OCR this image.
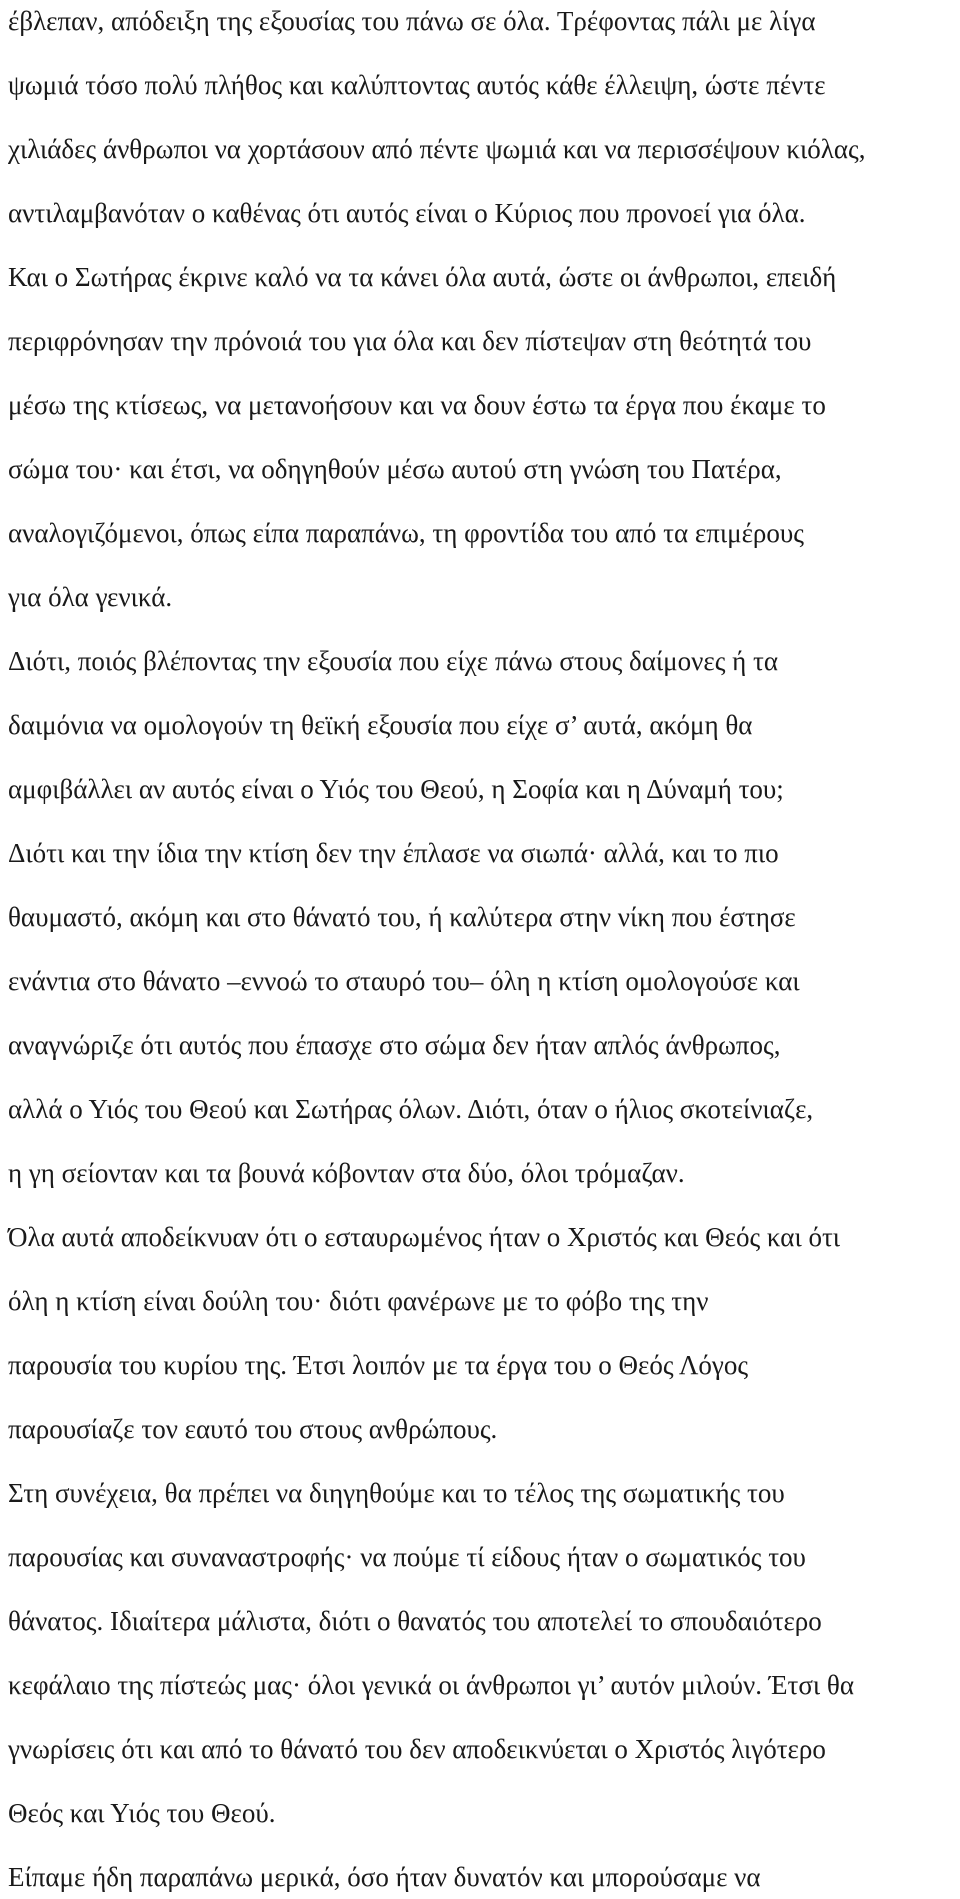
έβλεπαν, απόδειξη της εξουσίας του πάνω σε όλα. Τρέφοντας πάλι με λίγα
ψωμιά τόσο πολύ πλήθος και καλύπτοντας αυτός κάθε έλλειψη, ώστε πέντε
χιλιάδες άνθρωποι να χορτάσουν από πέντε ψωμιά και να περισσέψουν κιόλας,
αντιλαμβανόταν ο καθένας ότι αυτός είναι ο Κύριος που προνοεί για όλα.
Και ο Σωτήρας έκρινε καλό να τα κάνει όλα αυτά, ώστε οι άνθρωποι, επειδή
περιφρόνησαν την πρόνοιά του για όλα και δεν πίστεψαν στη θεότητά του
μέσω της κτίσεως, να μετανοήσουν και να δουν έστω τα έργα που έκαμε το
σώμα του· και έτσι, να οδηγηθούν μέσω αυτού στη γνώση του Πατέρα,
αναλογιζόμενοι, όπως είπα παραπάνω, τη φροντίδα του από τα επιμέρους
για όλα γενικά.
Διότι, ποιός βλέποντας την εξουσία που είχε πάνω στους δαίμονες ή τα
δαιμόνια να ομολογούν τη θεϊκή εξουσία που είχε σ’ αυτά, ακόμη θα
αμφιβάλλει αν αυτός είναι ο Υιός του Θεού, η Σοφία και η Δύναμή του;
Διότι και την ίδια την κτίση δεν την έπλασε να σιωπά· αλλά, και το πιο
θαυμαστό, ακόμη και στο θάνατό του, ή καλύτερα στην νίκη που έστησε
ενάντια στο θάνατο –εννοώ το σταυρό του– όλη η κτίση ομολογούσε και
αναγνώριζε ότι αυτός που έπασχε στο σώμα δεν ήταν απλός άνθρωπος,
αλλά ο Υιός του Θεού και Σωτήρας όλων. Διότι, όταν ο ήλιος σκοτείνιαζε,
η γη σείονταν και τα βουνά κόβονταν στα δύο, όλοι τρόμαζαν.
Όλα αυτά αποδείκνυαν ότι ο εσταυρωμένος ήταν ο Χριστός και Θεός και ότι
όλη η κτίση είναι δούλη του· διότι φανέρωνε με το φόβο της την
παρουσία του κυρίου της. Έτσι λοιπόν με τα έργα του ο Θεός Λόγος
παρουσίαζε τον εαυτό του στους ανθρώπους.
Στη συνέχεια, θα πρέπει να διηγηθούμε και το τέλος της σωματικής του
παρουσίας και συναναστροφής· να πούμε τί είδους ήταν ο σωματικός του
θάνατος. Ιδιαίτερα μάλιστα, διότι ο θανατός του αποτελεί το σπουδαιότερο
κεφάλαιο της πίστεώς μας· όλοι γενικά οι άνθρωποι γι’ αυτόν μιλούν. Έτσι θα
γνωρίσεις ότι και από το θάνατό του δεν αποδεικνύεται ο Χριστός λιγότερο
Θεός και Υιός του Θεού.
Είπαμε ήδη παραπάνω μερικά, όσο ήταν δυνατόν και μπορούσαμε να
